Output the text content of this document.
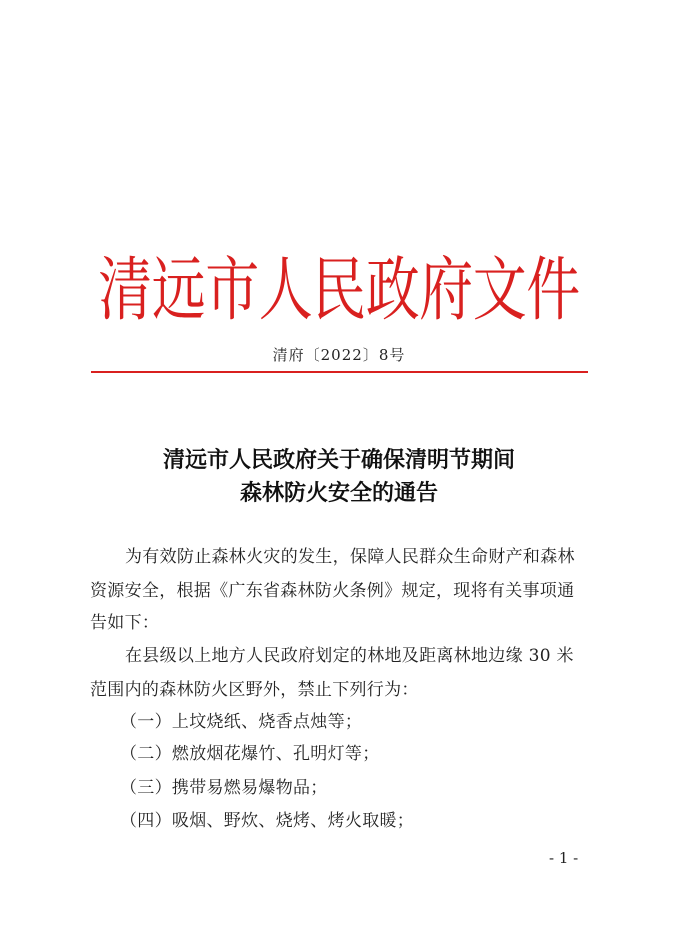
清远市人民政府文件
清府〔2022〕8号
清远市人民政府关于确保清明节期间
森林防火安全的通告
为有效防止森林火灾的发生，保障人民群众生命财产和森林
资源安全，根据《广东省森林防火条例》规定，现将有关事项通
告如下：
在县级以上地方人民政府划定的林地及距离林地边缘 30 米
范围内的森林防火区野外，禁止下列行为：
（一）上坟烧纸、烧香点烛等；
（二）燃放烟花爆竹、孔明灯等；
（三）携带易燃易爆物品；
（四）吸烟、野炊、烧烤、烤火取暖；
- 1 -
